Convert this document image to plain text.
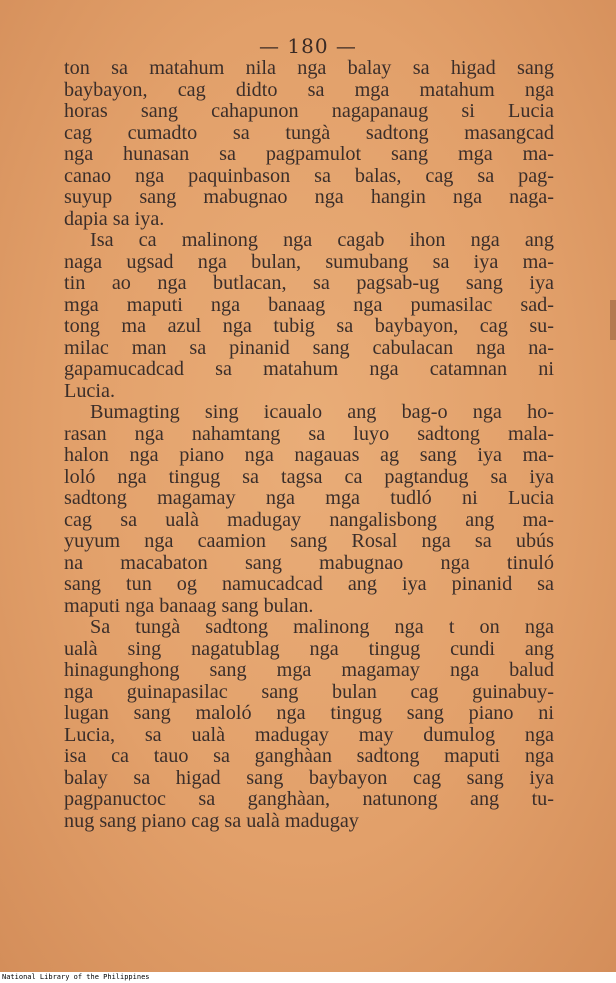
— 180 —
ton sa matahum nila nga balay sa higad sang
baybayon, cag didto sa mga matahum nga
horas sang cahapunon nagapanaug si Lucia
cag cumadto sa tungà sadtong masangcad
nga hunasan sa pagpamulot sang mga ma-
canao nga paquinbason sa balas, cag sa pag-
suyup sang mabugnao nga hangin nga naga-
dapia sa iya.
Isa ca malinong nga cagab ihon nga ang
naga ugsad nga bulan, sumubang sa iya ma-
tin ao nga butlacan, sa pagsab-ug sang iya
mga maputi nga banaag nga pumasilac sad-
tong ma azul nga tubig sa baybayon, cag su-
milac man sa pinanid sang cabulacan nga na-
gapamucadcad sa matahum nga catamnan ni
Lucia.
Bumagting sing icaualo ang bag-o nga ho-
rasan nga nahamtang sa luyo sadtong mala-
halon nga piano nga nagauas ag sang iya ma-
loló nga tingug sa tagsa ca pagtandug sa iya
sadtong magamay nga mga tudló ni Lucia
cag sa ualà madugay nangalisbong ang ma-
yuyum nga caamion sang Rosal nga sa ubús
na macabaton sang mabugnao nga tinuló
sang tun og namucadcad ang iya pinanid sa
maputi nga banaag sang bulan.
Sa tungà sadtong malinong nga t on nga
ualà sing nagatublag nga tingug cundi ang
hinagunghong sang mga magamay nga balud
nga guinapasilac sang bulan cag guinabuy-
lugan sang maloló nga tingug sang piano ni
Lucia, sa ualà madugay may dumulog nga
isa ca tauo sa ganghàan sadtong maputi nga
balay sa higad sang baybayon cag sang iya
pagpanuctoc sa ganghàan, natunong ang tu-
nug sang piano cag sa ualà madugay
National Library of the Philippines
